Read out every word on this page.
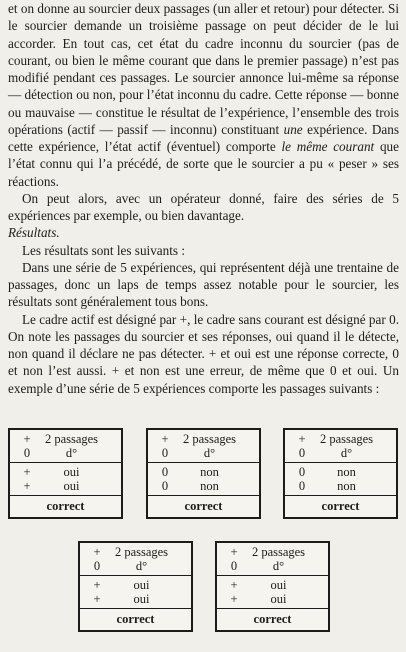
et on donne au sourcier deux passages (un aller et retour) pour détecter. Si le sourcier demande un troisième passage on peut décider de le lui accorder. En tout cas, cet état du cadre inconnu du sourcier (pas de courant, ou bien le même courant que dans le premier passage) n’est pas modifié pendant ces passages. Le sourcier annonce lui-même sa réponse — détection ou non, pour l’état inconnu du cadre. Cette réponse — bonne ou mauvaise — constitue le résultat de l’expérience, l’ensemble des trois opérations (actif — passif — inconnu) constituant une expérience. Dans cette expérience, l’état actif (éventuel) comporte le même courant que l’état connu qui l’a précédé, de sorte que le sourcier a pu « peser » ses réactions.

On peut alors, avec un opérateur donné, faire des séries de 5 expériences par exemple, ou bien davantage.

Résultats.

Les résultats sont les suivants :

Dans une série de 5 expériences, qui représentent déjà une trentaine de passages, donc un laps de temps assez notable pour le sourcier, les résultats sont généralement tous bons.

Le cadre actif est désigné par +, le cadre sans courant est désigné par 0. On note les passages du sourcier et ses réponses, oui quand il le détecte, non quand il déclare ne pas détecter. + et oui est une réponse correcte, 0 et non l’est aussi. + et non est une erreur, de même que 0 et oui. Un exemple d’une série de 5 expériences comporte les passages suivants :

+	2 passages
0	d°
+	oui
+	oui
correct
+	2 passages
0	d°
0	non
0	non
correct
+	2 passages
0	d°
0	non
0	non
correct
+	2 passages
0	d°
+	oui
+	oui
correct
+	2 passages
0	d°
+	oui
+	oui
correct
